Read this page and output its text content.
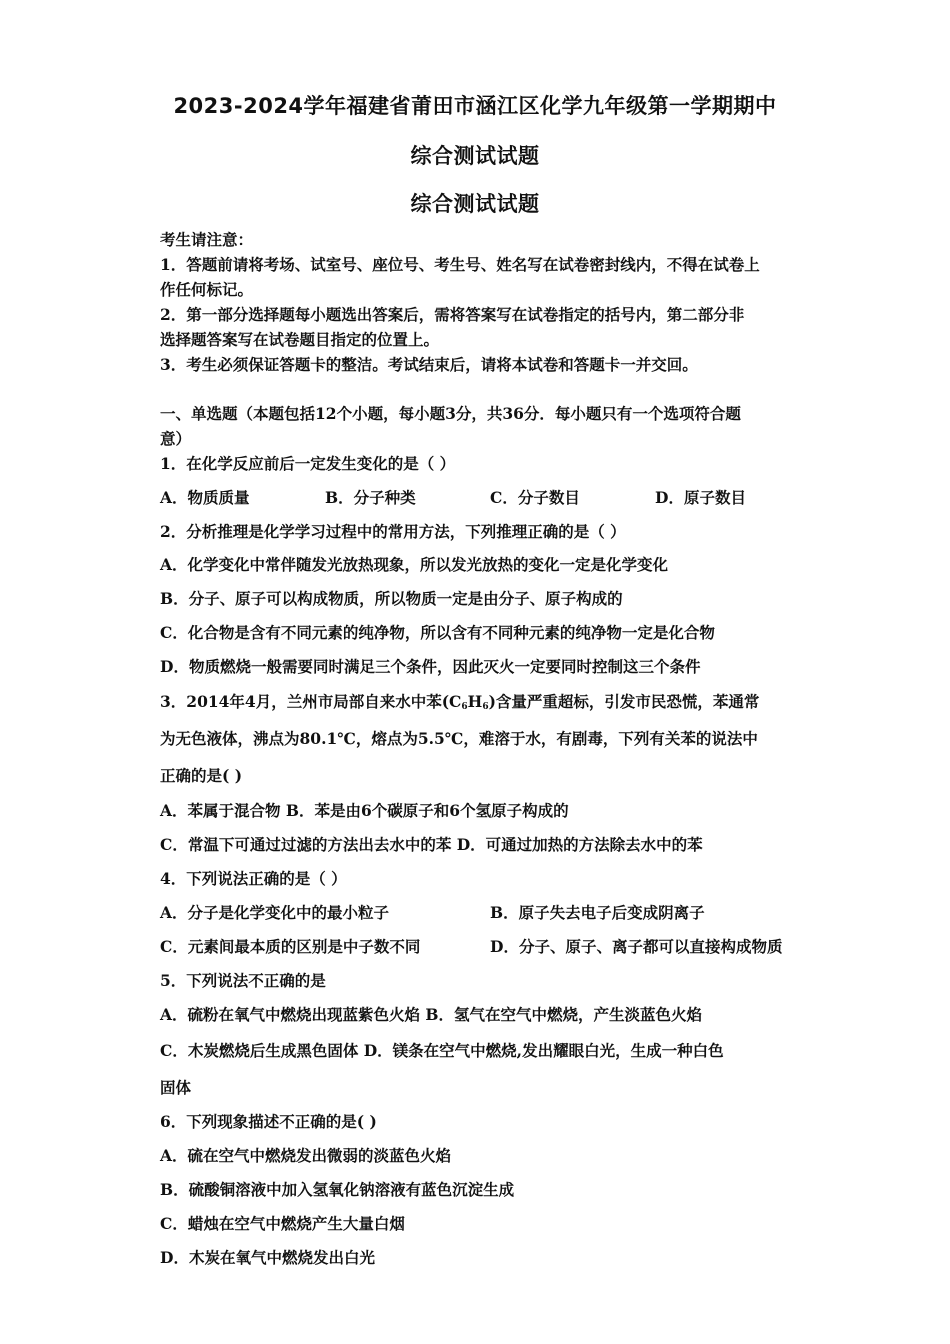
2023-2024学年福建省莆田市涵江区化学九年级第一学期期中
综合测试试题
综合测试试题
考生请注意：
1．答题前请将考场、试室号、座位号、考生号、姓名写在试卷密封线内，不得在试卷上
作任何标记。
2．第一部分选择题每小题选出答案后，需将答案写在试卷指定的括号内，第二部分非
选择题答案写在试卷题目指定的位置上。
3．考生必须保证答题卡的整洁。考试结束后，请将本试卷和答题卡一并交回。
一、单选题（本题包括12个小题，每小题3分，共36分．每小题只有一个选项符合题
意）
1．在化学反应前后一定发生变化的是（ ）
A．物质质量	B．分子种类	C．分子数目	D．原子数目
2．分析推理是化学学习过程中的常用方法，下列推理正确的是（ ）
A．化学变化中常伴随发光放热现象，所以发光放热的变化一定是化学变化
B．分子、原子可以构成物质，所以物质一定是由分子、原子构成的
C．化合物是含有不同元素的纯净物，所以含有不同种元素的纯净物一定是化合物
D．物质燃烧一般需要同时满足三个条件，因此灭火一定要同时控制这三个条件
3．2014年4月，兰州市局部自来水中苯$(C_6H_6)$含量严重超标，引发市民恐慌，苯通常
为无色液体，沸点为80.1℃，熔点为5.5℃，难溶于水，有剧毒，下列有关苯的说法中
正确的是( )
A．苯属于混合物 B．苯是由6个碳原子和6个氢原子构成的
C．常温下可通过过滤的方法出去水中的苯 D．可通过加热的方法除去水中的苯
4．下列说法正确的是（ ）
A．分子是化学变化中的最小粒子	B．原子失去电子后变成阴离子
C．元素间最本质的区别是中子数不同	D．分子、原子、离子都可以直接构成物质
5．下列说法不正确的是
A．硫粉在氧气中燃烧出现蓝紫色火焰 B．氢气在空气中燃烧，产生淡蓝色火焰
C．木炭燃烧后生成黑色固体 D．镁条在空气中燃烧,发出耀眼白光，生成一种白色
固体
6．下列现象描述不正确的是( )
A．硫在空气中燃烧发出微弱的淡蓝色火焰
B．硫酸铜溶液中加入氢氧化钠溶液有蓝色沉淀生成
C．蜡烛在空气中燃烧产生大量白烟
D．木炭在氧气中燃烧发出白光
